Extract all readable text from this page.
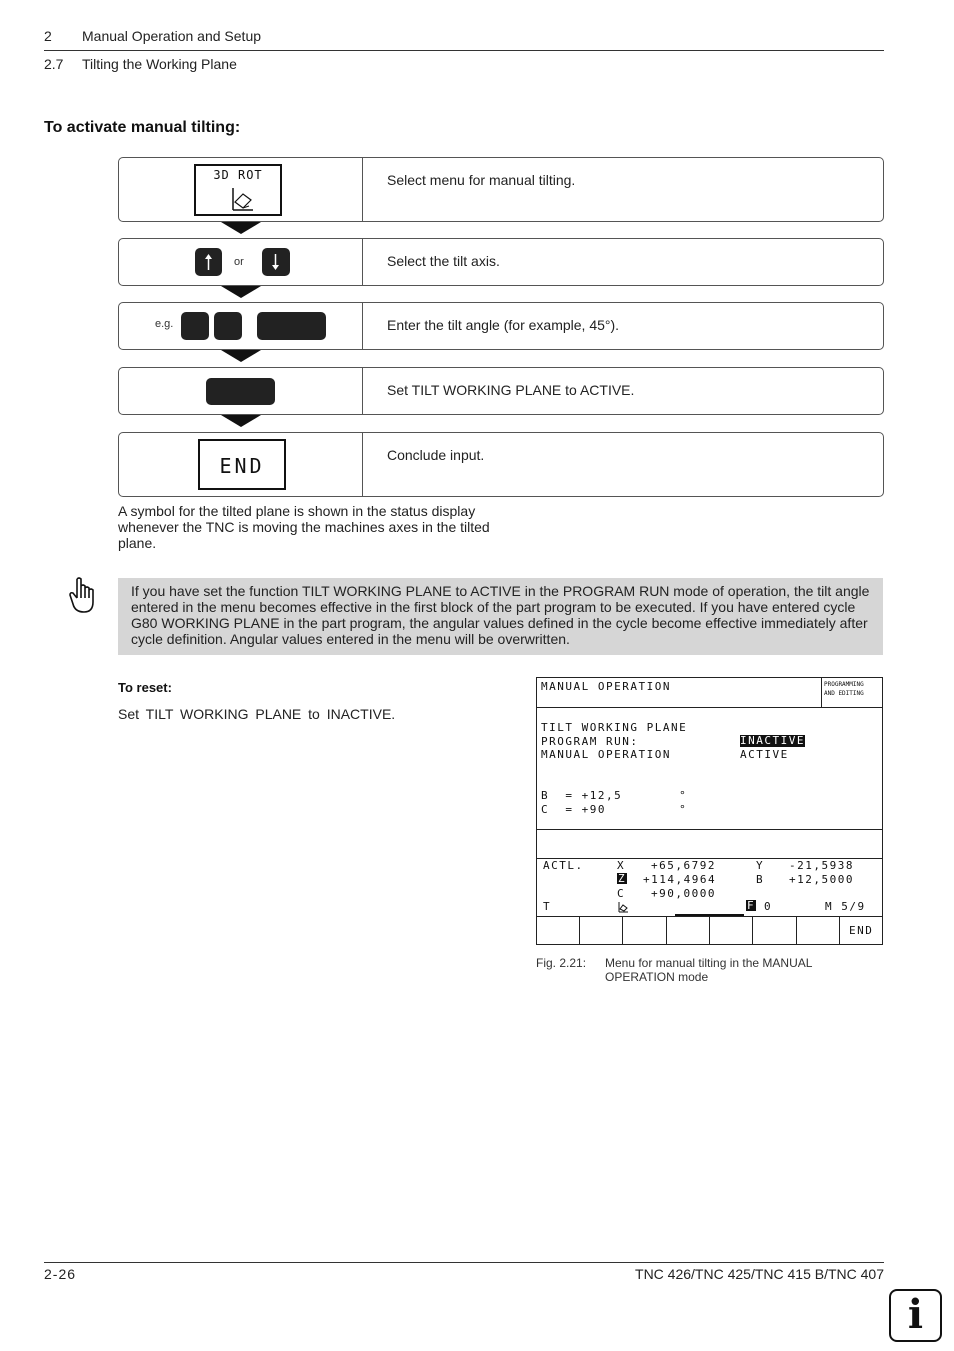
2 Manual Operation and Setup
2.7 Tilting the Working Plane
To activate manual tilting:
3D ROT	Select menu for manual tilting.
or	Select the tilt axis.
e.g.	Enter the tilt angle (for example, 45°).
Set TILT WORKING PLANE to ACTIVE.
END	Conclude input.
A symbol for the tilted plane is shown in the status display whenever the TNC is moving the machines axes in the tilted plane.
If you have set the function TILT WORKING PLANE to ACTIVE in the PROGRAM RUN mode of operation, the tilt angle entered in the menu becomes effective in the first block of the part program to be executed. If you have entered cycle G80 WORKING PLANE in the part program, the angular values defined in the cycle become effective immediately after cycle definition. Angular values entered in the menu will be overwritten.
To reset:
Set TILT WORKING PLANE to INACTIVE.
MANUAL OPERATION	PROGRAMMING
AND EDITING
TILT WORKING PLANE
PROGRAM RUN:	INACTIVE
MANUAL OPERATION	ACTIVE
B  = +12,5       °
C  = +90         °
ACTL.	X +65,6792	Y -21,5938
Z +114,4964	B +12,5000
C +90,0000
T	F 0	M 5/9
END
Fig. 2.21: Menu for manual tilting in the MANUAL
OPERATION mode
2-26	TNC 426/TNC 425/TNC 415 B/TNC 407
i
